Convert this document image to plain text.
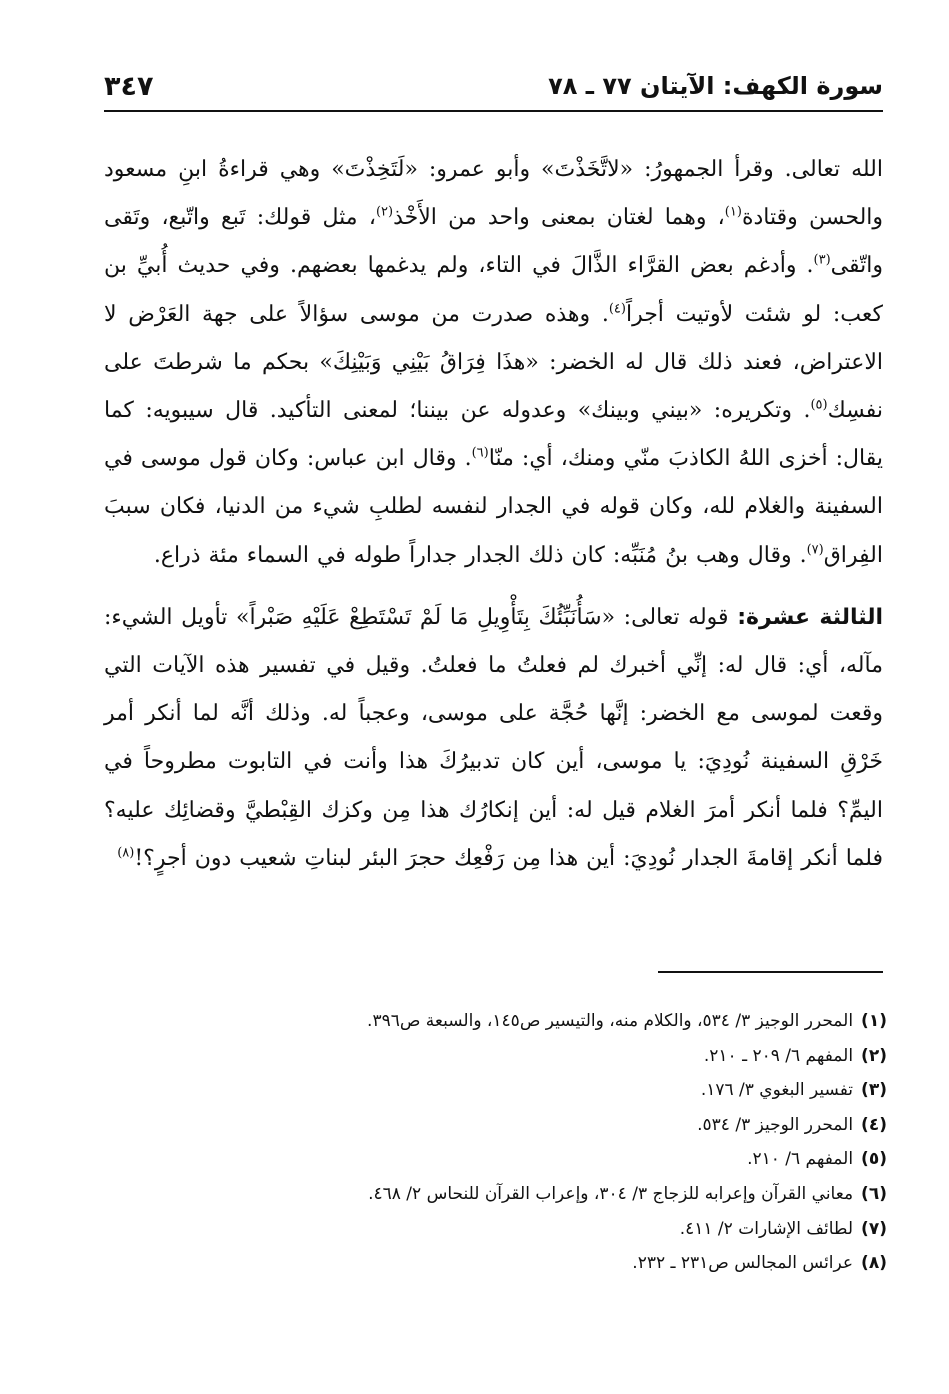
سورة الكهف: الآيتان ٧٧ ـ ٧٨
٣٤٧

الله تعالى. وقرأ الجمهورُ: «لاتَّخَذْتَ» وأبو عمرو: «لَتَخِذْتَ» وهي قراءةُ ابنِ مسعود والحسن وقتادة$^{(١)}$، وهما لغتان بمعنى واحد من الأَخْذ$^{(٢)}$، مثل قولك: تَبع واتّبع، وتَقى واتّقى$^{(٣)}$. وأدغم بعض القرَّاء الذَّالَ في التاء، ولم يدغمها بعضهم. وفي حديث أُبيِّ بن كعب: لو شئت لأوتيت أجراً$^{(٤)}$. وهذه صدرت من موسى سؤالاً على جهة العَرْض لا الاعتراض، فعند ذلك قال له الخضر: «هذَا فِرَاقُ بَيْنِي وَبَيْنِكَ» بحكم ما شرطتَ على نفسِك$^{(٥)}$. وتكريره: «بيني وبينك» وعدوله عن بيننا؛ لمعنى التأكيد. قال سيبويه: كما يقال: أخزى اللهُ الكاذبَ منّي ومنك، أي: منّا$^{(٦)}$. وقال ابن عباس: وكان قول موسى في السفينة والغلام لله، وكان قوله في الجدار لنفسه لطلبِ شيء من الدنيا، فكان سببَ الفِراق$^{(٧)}$. وقال وهب بنُ مُنَبِّه: كان ذلك الجدار جداراً طوله في السماء مئة ذراع.

الثالثة عشرة: قوله تعالى: «سَأُنَبِّئُكَ بِتَأْوِيلِ مَا لَمْ تَسْتَطِعْ عَلَيْهِ صَبْراً» تأويل الشيء: مآله، أي: قال له: إنِّي أخبرك لم فعلتُ ما فعلتُ. وقيل في تفسير هذه الآيات التي وقعت لموسى مع الخضر: إنَّها حُجَّة على موسى، وعجباً له. وذلك أنَّه لما أنكر أمر خَرْقِ السفينة نُودِيَ: يا موسى، أين كان تدبيرُكَ هذا وأنت في التابوت مطروحاً في اليمِّ؟ فلما أنكر أمرَ الغلام قيل له: أين إنكارُك هذا مِن وكزك القِبْطيَّ وقضائِك عليه؟ فلما أنكر إقامةَ الجدار نُودِيَ: أين هذا مِن رَفْعِك حجرَ البئر لبناتِ شعيب دون أجرٍ؟!$^{(٨)}$

(١)المحرر الوجيز ٣/ ٥٣٤، والكلام منه، والتيسير ص١٤٥، والسبعة ص٣٩٦.
(٢)المفهم ٦/ ٢٠٩ ـ ٢١٠.
(٣)تفسير البغوي ٣/ ١٧٦.
(٤)المحرر الوجيز ٣/ ٥٣٤.
(٥)المفهم ٦/ ٢١٠.
(٦)معاني القرآن وإعرابه للزجاج ٣/ ٣٠٤، وإعراب القرآن للنحاس ٢/ ٤٦٨.
(٧)لطائف الإشارات ٢/ ٤١١.
(٨)عرائس المجالس ص٢٣١ ـ ٢٣٢.
